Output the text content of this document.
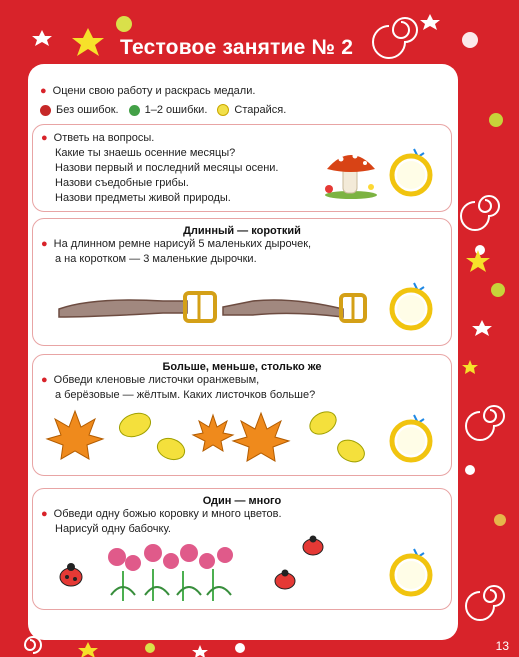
Тестовое занятие № 2
● Оцени свою работу и раскрась медали.
Без ошибок. 1–2 ошибки. Старайся.
● Ответь на вопросы.
Какие ты знаешь осенние месяцы?
Назови первый и последний месяцы осени.
Назови съедобные грибы.
Назови предметы живой природы.
Длинный — короткий
● На длинном ремне нарисуй 5 маленьких дырочек,
а на коротком — 3 маленькие дырочки.
Больше, меньше, столько же
● Обведи кленовые листочки оранжевым,
а берёзовые — жёлтым. Каких листочков больше?
Один — много
● Обведи одну божью коровку и много цветов.
Нарисуй одну бабочку.
13
